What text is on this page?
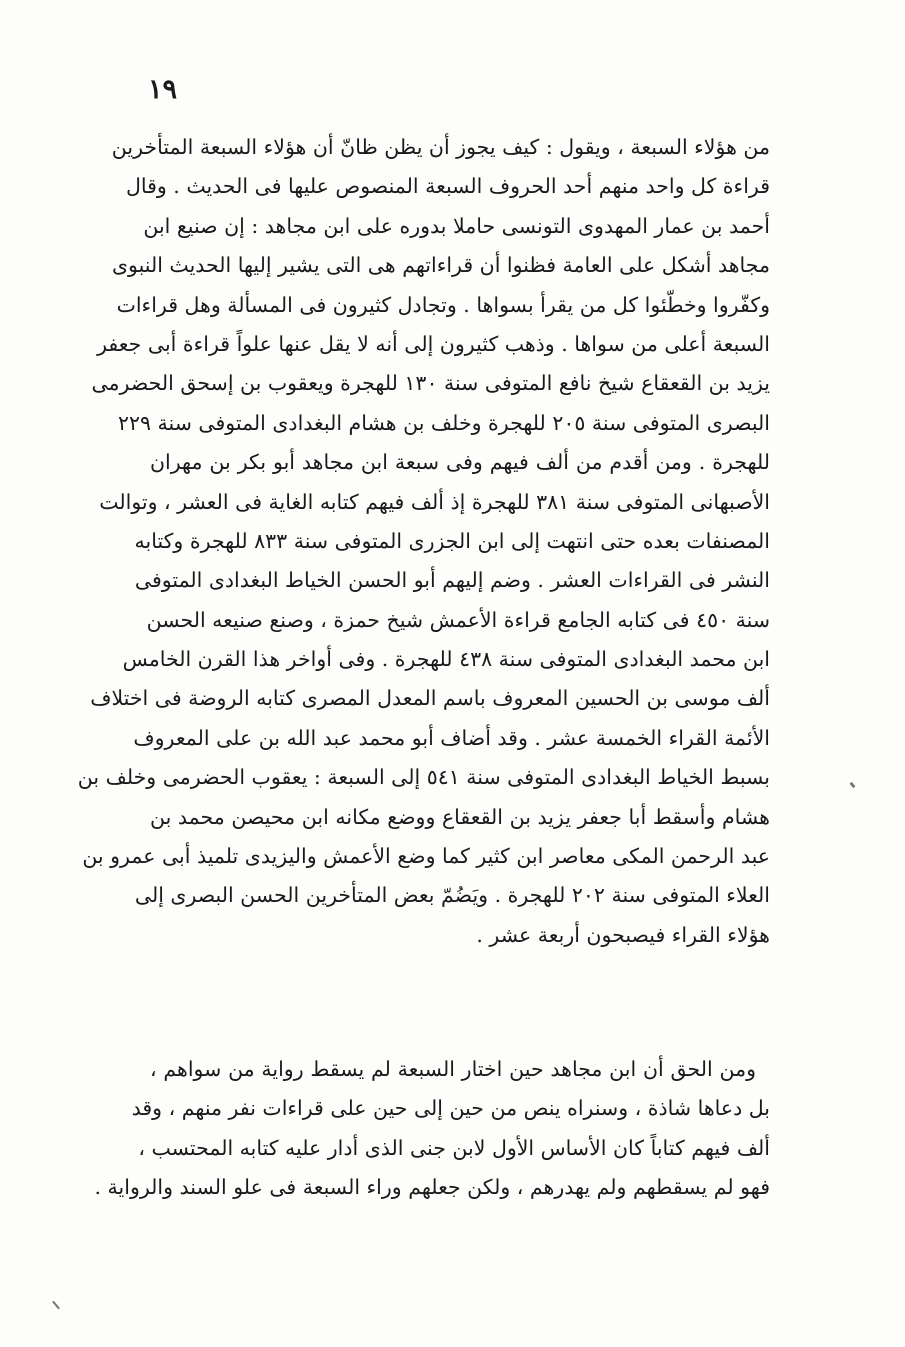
١٩
من هؤلاء السبعة ، ويقول : كيف يجوز أن يظن ظانّ أن هؤلاء السبعة المتأخرين
قراءة كل واحد منهم أحد الحروف السبعة المنصوص عليها فى الحديث . وقال
أحمد بن عمار المهدوى التونسى حاملا بدوره على ابن مجاهد : إن صنيع ابن
مجاهد أشكل على العامة فظنوا أن قراءاتهم هى التى يشير إليها الحديث النبوى
وكفّروا وخطّئوا كل من يقرأ بسواها . وتجادل كثيرون فى المسألة وهل قراءات
السبعة أعلى من سواها . وذهب كثيرون إلى أنه لا يقل عنها علواً قراءة أبى جعفر
يزيد بن القعقاع شيخ نافع المتوفى سنة ١٣٠ للهجرة ويعقوب بن إسحق الحضرمى
البصرى المتوفى سنة ٢٠٥ للهجرة وخلف بن هشام البغدادى المتوفى سنة ٢٢٩
للهجرة . ومن أقدم من ألف فيهم وفى سبعة ابن مجاهد أبو بكر بن مهران
الأصبهانى المتوفى سنة ٣٨١ للهجرة إذ ألف فيهم كتابه الغاية فى العشر ، وتوالت
المصنفات بعده حتى انتهت إلى ابن الجزرى المتوفى سنة ٨٣٣ للهجرة وكتابه
النشر فى القراءات العشر . وضم إليهم أبو الحسن الخياط البغدادى المتوفى
سنة ٤٥٠ فى كتابه الجامع قراءة الأعمش شيخ حمزة ، وصنع صنيعه الحسن
ابن محمد البغدادى المتوفى سنة ٤٣٨ للهجرة . وفى أواخر هذا القرن الخامس
ألف موسى بن الحسين المعروف باسم المعدل المصرى كتابه الروضة فى اختلاف
الأئمة القراء الخمسة عشر . وقد أضاف أبو محمد عبد الله بن على المعروف
بسبط الخياط البغدادى المتوفى سنة ٥٤١ إلى السبعة : يعقوب الحضرمى وخلف بن
هشام وأسقط أبا جعفر يزيد بن القعقاع ووضع مكانه ابن محيصن محمد بن
عبد الرحمن المكى معاصر ابن كثير كما وضع الأعمش واليزيدى تلميذ أبى عمرو بن
العلاء المتوفى سنة ٢٠٢ للهجرة . ويَضُمّ بعض المتأخرين الحسن البصرى إلى
هؤلاء القراء فيصبحون أربعة عشر .
ومن الحق أن ابن مجاهد حين اختار السبعة لم يسقط رواية من سواهم ،
بل دعاها شاذة ، وسنراه ينص من حين إلى حين على قراءات نفر منهم ، وقد
ألف فيهم كتاباً كان الأساس الأول لابن جنى الذى أدار عليه كتابه المحتسب ،
فهو لم يسقطهم ولم يهدرهم ، ولكن جعلهم وراء السبعة فى علو السند والرواية .
